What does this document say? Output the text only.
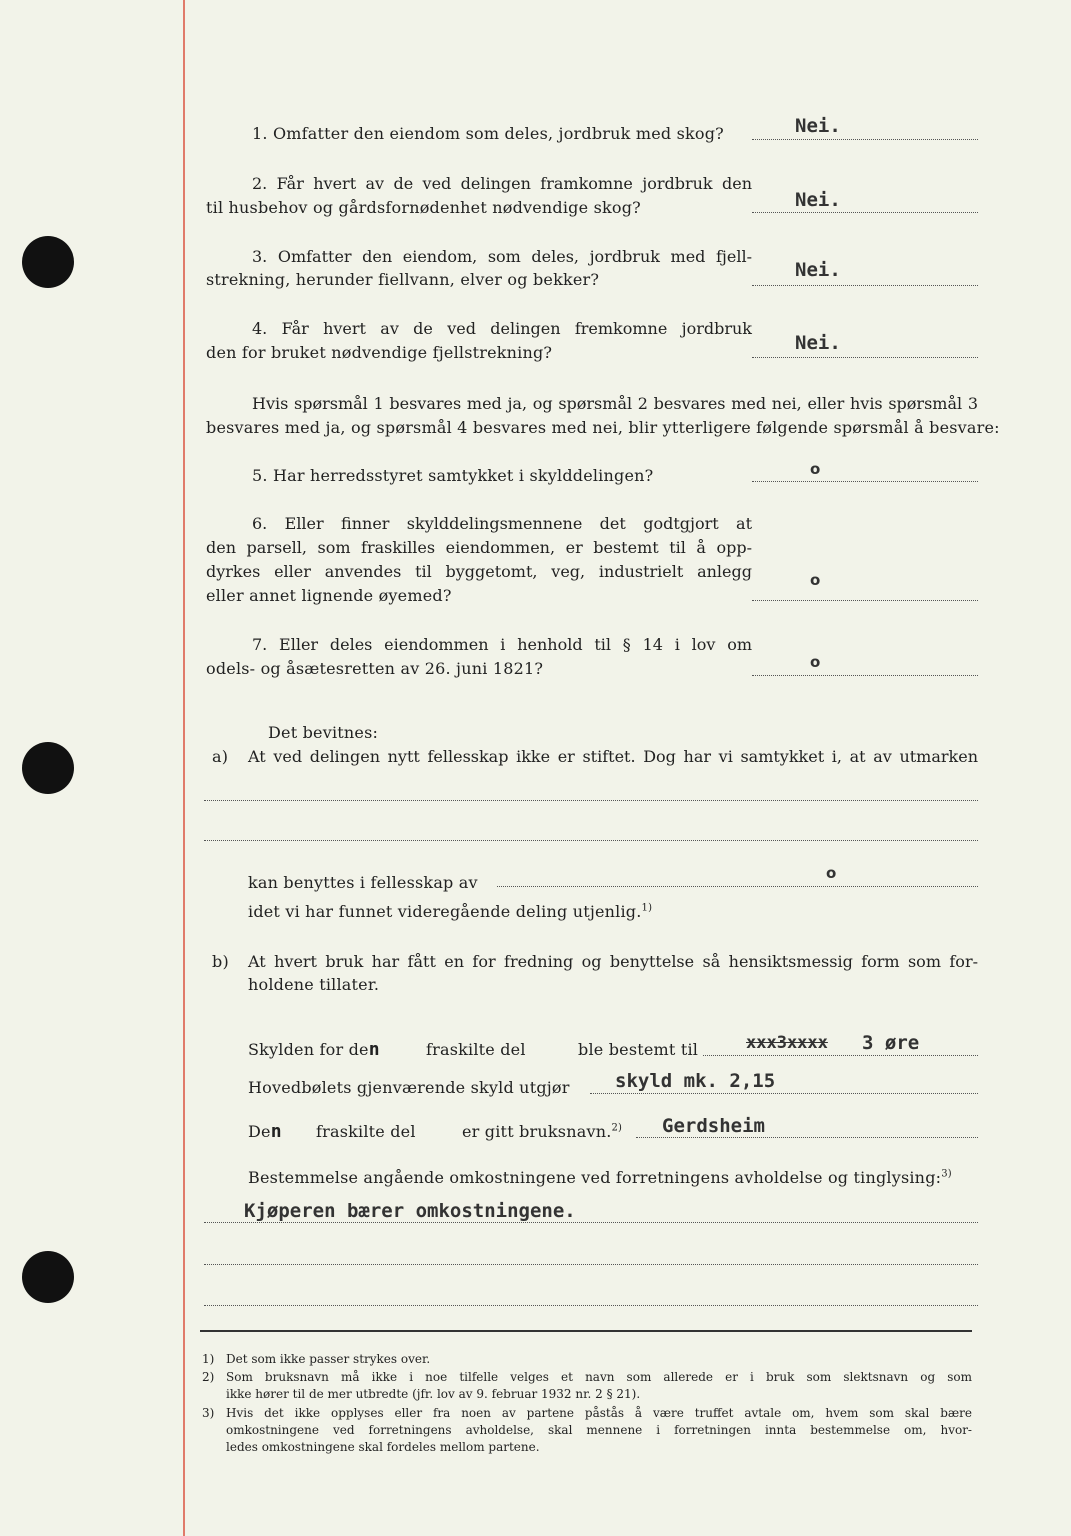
1. Omfatter den eiendom som deles, jordbruk med skog?	Nei.
2. Får hvert av de ved delingen framkomne jordbruk den
til husbehov og gårdsfornødenhet nødvendige skog?	Nei.
3. Omfatter den eiendom, som deles, jordbruk med fjell-
strekning, herunder fiellvann, elver og bekker?	Nei.
4. Får hvert av de ved delingen fremkomne jordbruk
den for bruket nødvendige fjellstrekning?	Nei.
Hvis spørsmål 1 besvares med ja, og spørsmål 2 besvares med nei, eller hvis spørsmål 3
besvares med ja, og spørsmål 4 besvares med nei, blir ytterligere følgende spørsmål å besvare:
5. Har herredsstyret samtykket i skylddelingen?	o
6. Eller finner skylddelingsmennene det godtgjort at
den parsell, som fraskilles eiendommen, er bestemt til å opp-
dyrkes eller anvendes til byggetomt, veg, industrielt anlegg
eller annet lignende øyemed?
o
7. Eller deles eiendommen i henhold til § 14 i lov om
odels- og åsætesretten av 26. juni 1821?	o
Det bevitnes:
a) At ved delingen nytt fellesskap ikke er stiftet. Dog har vi samtykket i, at av utmarken
kan benyttes i fellesskap av	o
idet vi har funnet videregående deling utjenlig.$^{1)}$
b) At hvert bruk har fått en for fredning og benyttelse så hensiktsmessig form som for-
holdene tillater.
Skylden for den	fraskilte del	ble bestemt til	xxx3xxxx 3 øre
Hovedbølets gjenværende skyld utgjør skyld mk. 2,15
Den fraskilte del	er gitt bruksnavn.$^{2)}$ Gerdsheim
Bestemmelse angående omkostningene ved forretningens avholdelse og tinglysing:$^{3)}$
Kjøperen bærer omkostningene.
1) Det som ikke passer strykes over.
2) Som bruksnavn må ikke i noe tilfelle velges et navn som allerede er i bruk som slektsnavn og som
ikke hører til de mer utbredte (jfr. lov av 9. februar 1932 nr. 2 § 21).
3) Hvis det ikke opplyses eller fra noen av partene påstås å være truffet avtale om, hvem som skal bære
omkostningene ved forretningens avholdelse, skal mennene i forretningen innta bestemmelse om, hvor-
ledes omkostningene skal fordeles mellom partene.
